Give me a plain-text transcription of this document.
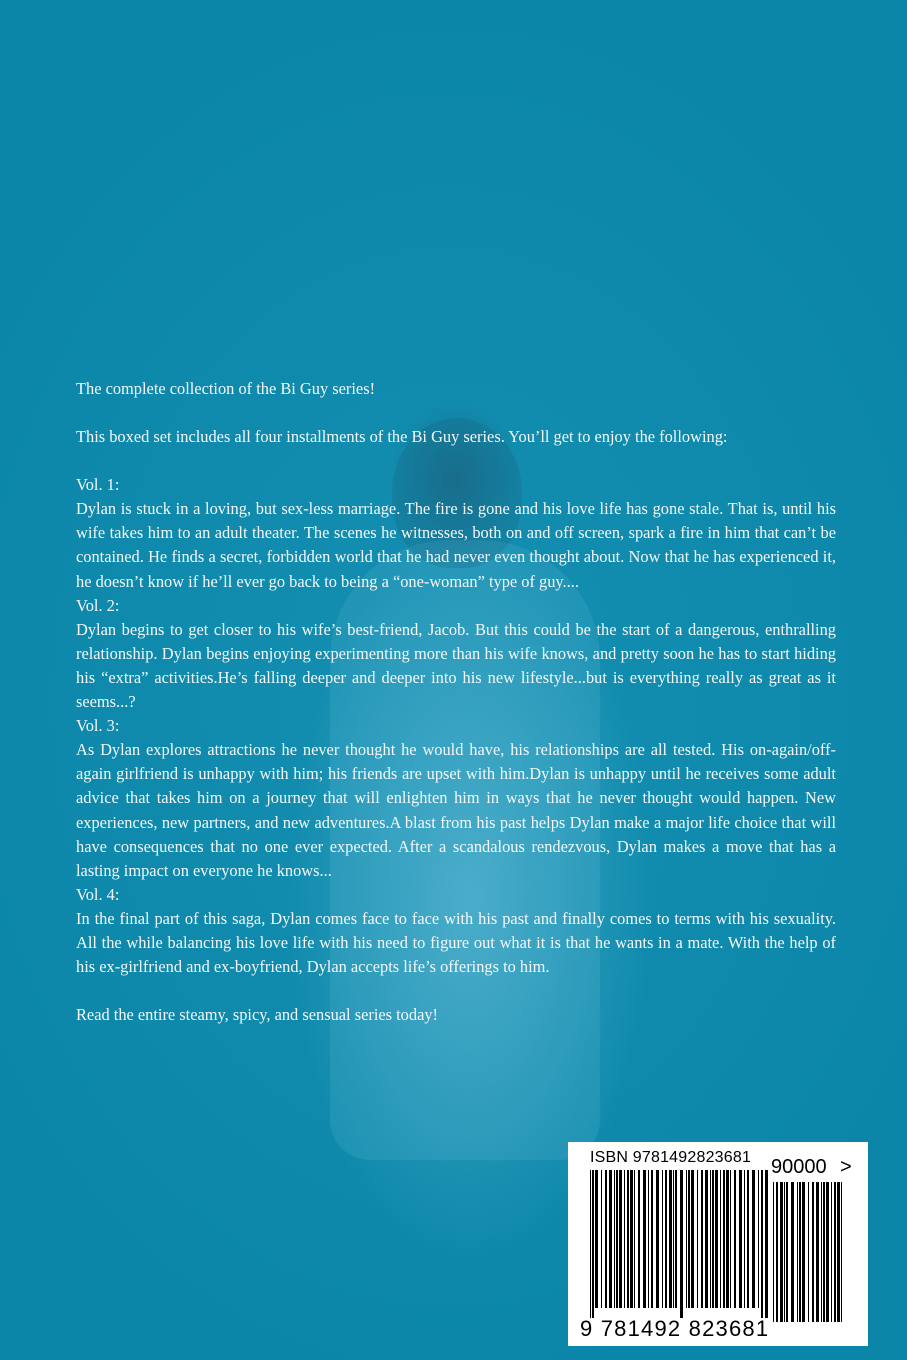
The complete collection of the Bi Guy series!

This boxed set includes all four installments of the Bi Guy series. You’ll get to enjoy the following:

Vol. 1:

Dylan is stuck in a loving, but sex-less marriage. The fire is gone and his love life has gone stale. That is, until his wife takes him to an adult theater. The scenes he witnesses, both on and off screen, spark a fire in him that can’t be contained. He finds a secret, forbidden world that he had never even thought about. Now that he has experienced it, he doesn’t know if he’ll ever go back to being a “one-woman” type of guy....

Vol. 2:

Dylan begins to get closer to his wife’s best-friend, Jacob. But this could be the start of a dangerous, enthralling relationship. Dylan begins enjoying experimenting more than his wife knows, and pretty soon he has to start hiding his “extra” activities.He’s falling deeper and deeper into his new lifestyle...but is everything really as great as it seems...?

Vol. 3:

As Dylan explores attractions he never thought he would have, his relationships are all tested. His on-again/off-again girlfriend is unhappy with him; his friends are upset with him.Dylan is unhappy until he receives some adult advice that takes him on a journey that will enlighten him in ways that he never thought would happen. New experiences, new partners, and new adventures.A blast from his past helps Dylan make a major life choice that will have consequences that no one ever expected. After a scandalous rendezvous, Dylan makes a move that has a lasting impact on everyone he knows...

Vol. 4:

In the final part of this saga, Dylan comes face to face with his past and finally comes to terms with his sexuality. All the while balancing his love life with his need to figure out what it is that he wants in a mate. With the help of his ex-girlfriend and ex-boyfriend, Dylan accepts life’s offerings to him.

Read the entire steamy, spicy, and sensual series today!

ISBN 9781492823681 90000 >
9 781492 823681
